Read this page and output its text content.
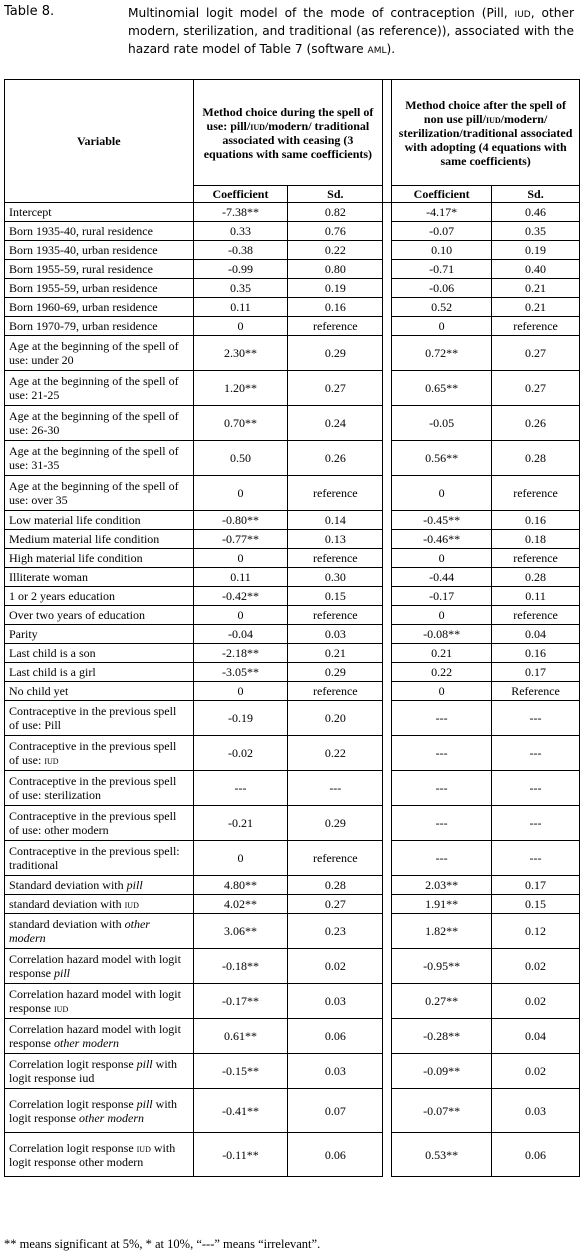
Table 8.	Multinomial logit model of the mode of contraception (Pill, iud, other modern, sterilization, and traditional (as reference)), associated with the hazard rate model of Table 7 (software aml).
Variable	Method choice during the spell of use: pill/iud/modern/ traditional associated with ceasing (3 equations with same coefficients)			Method choice after the spell of non use pill/iud/modern/ sterilization/traditional associated with adopting (4 equations with same coefficients)	
	Coefficient	Sd.		Coefficient	Sd.
Intercept	-7.38**	0.82		-4.17*	0.46
Born 1935-40, rural residence	0.33	0.76		-0.07	0.35
Born 1935-40, urban residence	-0.38	0.22		0.10	0.19
Born 1955-59, rural residence	-0.99	0.80		-0.71	0.40
Born 1955-59, urban residence	0.35	0.19		-0.06	0.21
Born 1960-69, urban residence	0.11	0.16		0.52	0.21
Born 1970-79, urban residence	0	reference		0	reference
Age at the beginning of the spell of use: under 20	2.30**	0.29		0.72**	0.27
Age at the beginning of the spell of use: 21-25	1.20**	0.27		0.65**	0.27
Age at the beginning of the spell of use: 26-30	0.70**	0.24		-0.05	0.26
Age at the beginning of the spell of use: 31-35	0.50	0.26		0.56**	0.28
Age at the beginning of the spell of use: over 35	0	reference		0	reference
Low material life condition	-0.80**	0.14		-0.45**	0.16
Medium material life condition	-0.77**	0.13		-0.46**	0.18
High material life condition	0	reference		0	reference
Illiterate woman	0.11	0.30		-0.44	0.28
1 or 2 years education	-0.42**	0.15		-0.17	0.11
Over two years of education	0	reference		0	reference
Parity	-0.04	0.03		-0.08**	0.04
Last child is a son	-2.18**	0.21		0.21	0.16
Last child is a girl	-3.05**	0.29		0.22	0.17
No child yet	0	reference		0	Reference
Contraceptive in the previous spell of use: Pill	-0.19	0.20		---	---
Contraceptive in the previous spell of use: iud	-0.02	0.22		---	---
Contraceptive in the previous spell of use: sterilization	---	---		---	---
Contraceptive in the previous spell of use: other modern	-0.21	0.29		---	---
Contraceptive in the previous spell: traditional	0	reference		---	---
Standard deviation with pill	4.80**	0.28		2.03**	0.17
standard deviation with iud	4.02**	0.27		1.91**	0.15
standard deviation with other modern	3.06**	0.23		1.82**	0.12
Correlation hazard model with logit response pill	-0.18**	0.02		-0.95**	0.02
Correlation hazard model with logit response iud	-0.17**	0.03		0.27**	0.02
Correlation hazard model with logit response other modern	0.61**	0.06		-0.28**	0.04
Correlation logit response pill with logit response iud	-0.15**	0.03		-0.09**	0.02
Correlation logit response pill with logit response other modern	-0.41**	0.07		-0.07**	0.03
Correlation logit response iud with logit response other modern	-0.11**	0.06		0.53**	0.06
** means significant at 5%, * at 10%, “---” means “irrelevant”.
